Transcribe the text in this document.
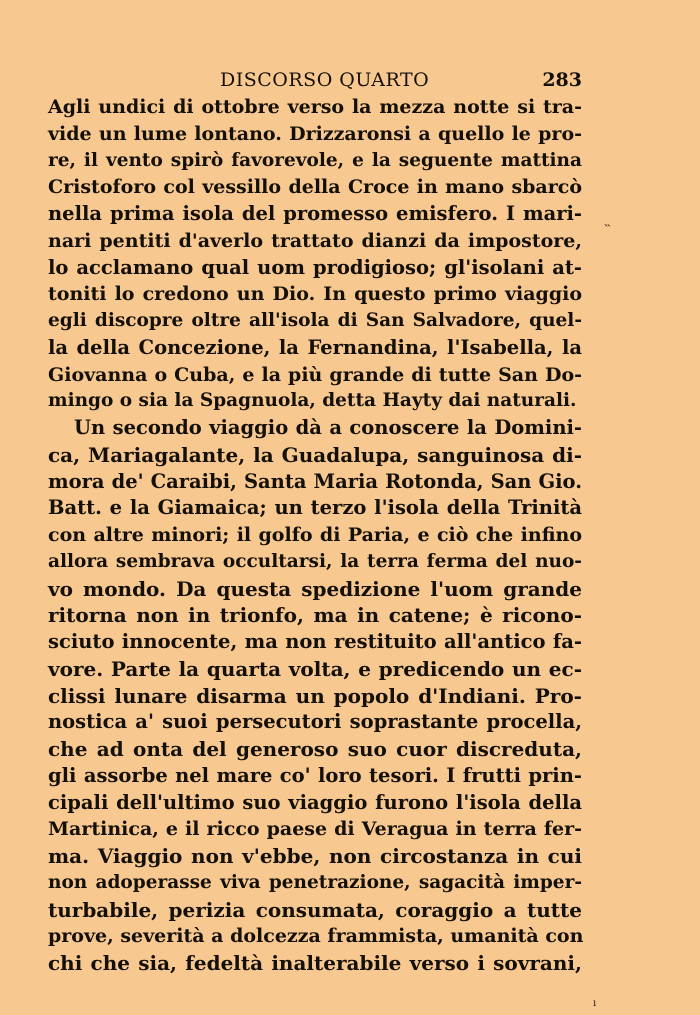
DISCORSO QUARTO	283
Agli undici di ottobre verso la mezza notte si tra-
vide un lume lontano. Drizzaronsi a quello le pro-
re, il vento spirò favorevole, e la seguente mattina
Cristoforo col vessillo della Croce in mano sbarcò
nella prima isola del promesso emisfero. I mari-
nari pentiti d'averlo trattato dianzi da impostore,
lo acclamano qual uom prodigioso; gl'isolani at-
toniti lo credono un Dio. In questo primo viaggio
egli discopre oltre all'isola di San Salvadore, quel-
la della Concezione, la Fernandina, l'Isabella, la
Giovanna o Cuba, e la più grande di tutte San Do-
mingo o sia la Spagnuola, detta Hayty dai naturali.
Un secondo viaggio dà a conoscere la Domini-
ca, Mariagalante, la Guadalupa, sanguinosa di-
mora de' Caraibi, Santa Maria Rotonda, San Gio.
Batt. e la Giamaica; un terzo l'isola della Trinità
con altre minori; il golfo di Paria, e ciò che infino
allora sembrava occultarsi, la terra ferma del nuo-
vo mondo. Da questa spedizione l'uom grande
ritorna non in trionfo, ma in catene; è ricono-
sciuto innocente, ma non restituito all'antico fa-
vore. Parte la quarta volta, e predicendo un ec-
clissi lunare disarma un popolo d'Indiani. Pro-
nostica a' suoi persecutori soprastante procella,
che ad onta del generoso suo cuor discreduta,
gli assorbe nel mare co' loro tesori. I frutti prin-
cipali dell'ultimo suo viaggio furono l'isola della
Martinica, e il ricco paese di Veragua in terra fer-
ma. Viaggio non v'ebbe, non circostanza in cui
non adoperasse viva penetrazione, sagacità imper-
turbabile, perizia consumata, coraggio a tutte
prove, severità a dolcezza frammista, umanità con
chi che sia, fedeltà inalterabile verso i sovrani,
˵
ı
